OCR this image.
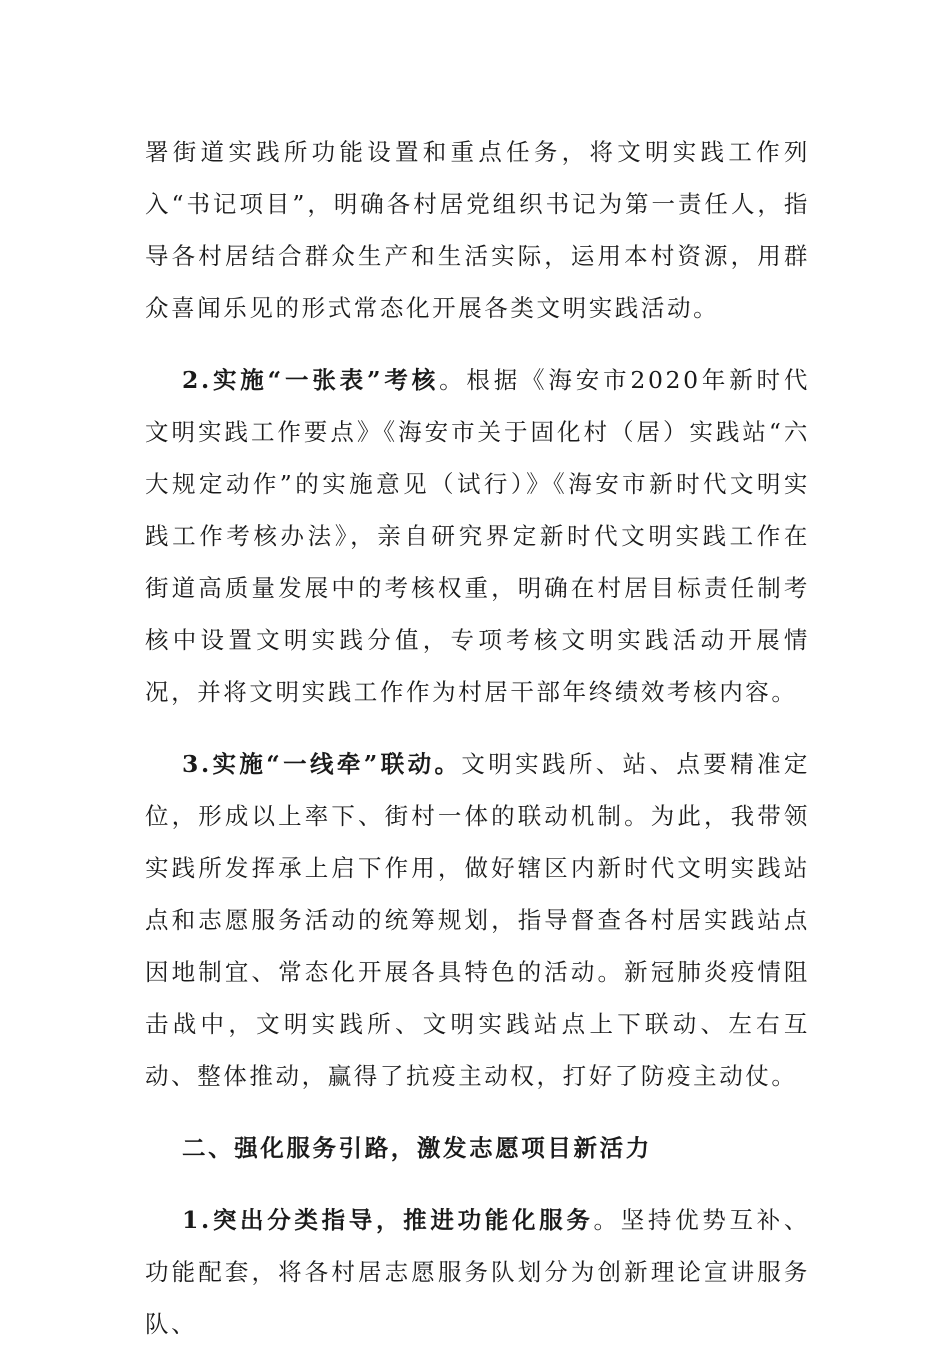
署街道实践所功能设置和重点任务，将文明实践工作列入“书记项目”，明确各村居党组织书记为第一责任人，指导各村居结合群众生产和生活实际，运用本村资源，用群众喜闻乐见的形式常态化开展各类文明实践活动。

2.实施“一张表”考核。根据《海安市2020年新时代文明实践工作要点》《海安市关于固化村（居）实践站“六大规定动作”的实施意见（试行）》《海安市新时代文明实践工作考核办法》，亲自研究界定新时代文明实践工作在街道高质量发展中的考核权重，明确在村居目标责任制考核中设置文明实践分值，专项考核文明实践活动开展情况，并将文明实践工作作为村居干部年终绩效考核内容。

3.实施“一线牵”联动。文明实践所、站、点要精准定位，形成以上率下、街村一体的联动机制。为此，我带领实践所发挥承上启下作用，做好辖区内新时代文明实践站点和志愿服务活动的统筹规划，指导督查各村居实践站点因地制宜、常态化开展各具特色的活动。新冠肺炎疫情阻击战中，文明实践所、文明实践站点上下联动、左右互动、整体推动，赢得了抗疫主动权，打好了防疫主动仗。

二、强化服务引路，激发志愿项目新活力

1.突出分类指导，推进功能化服务。坚持优势互补、功能配套，将各村居志愿服务队划分为创新理论宣讲服务队、
